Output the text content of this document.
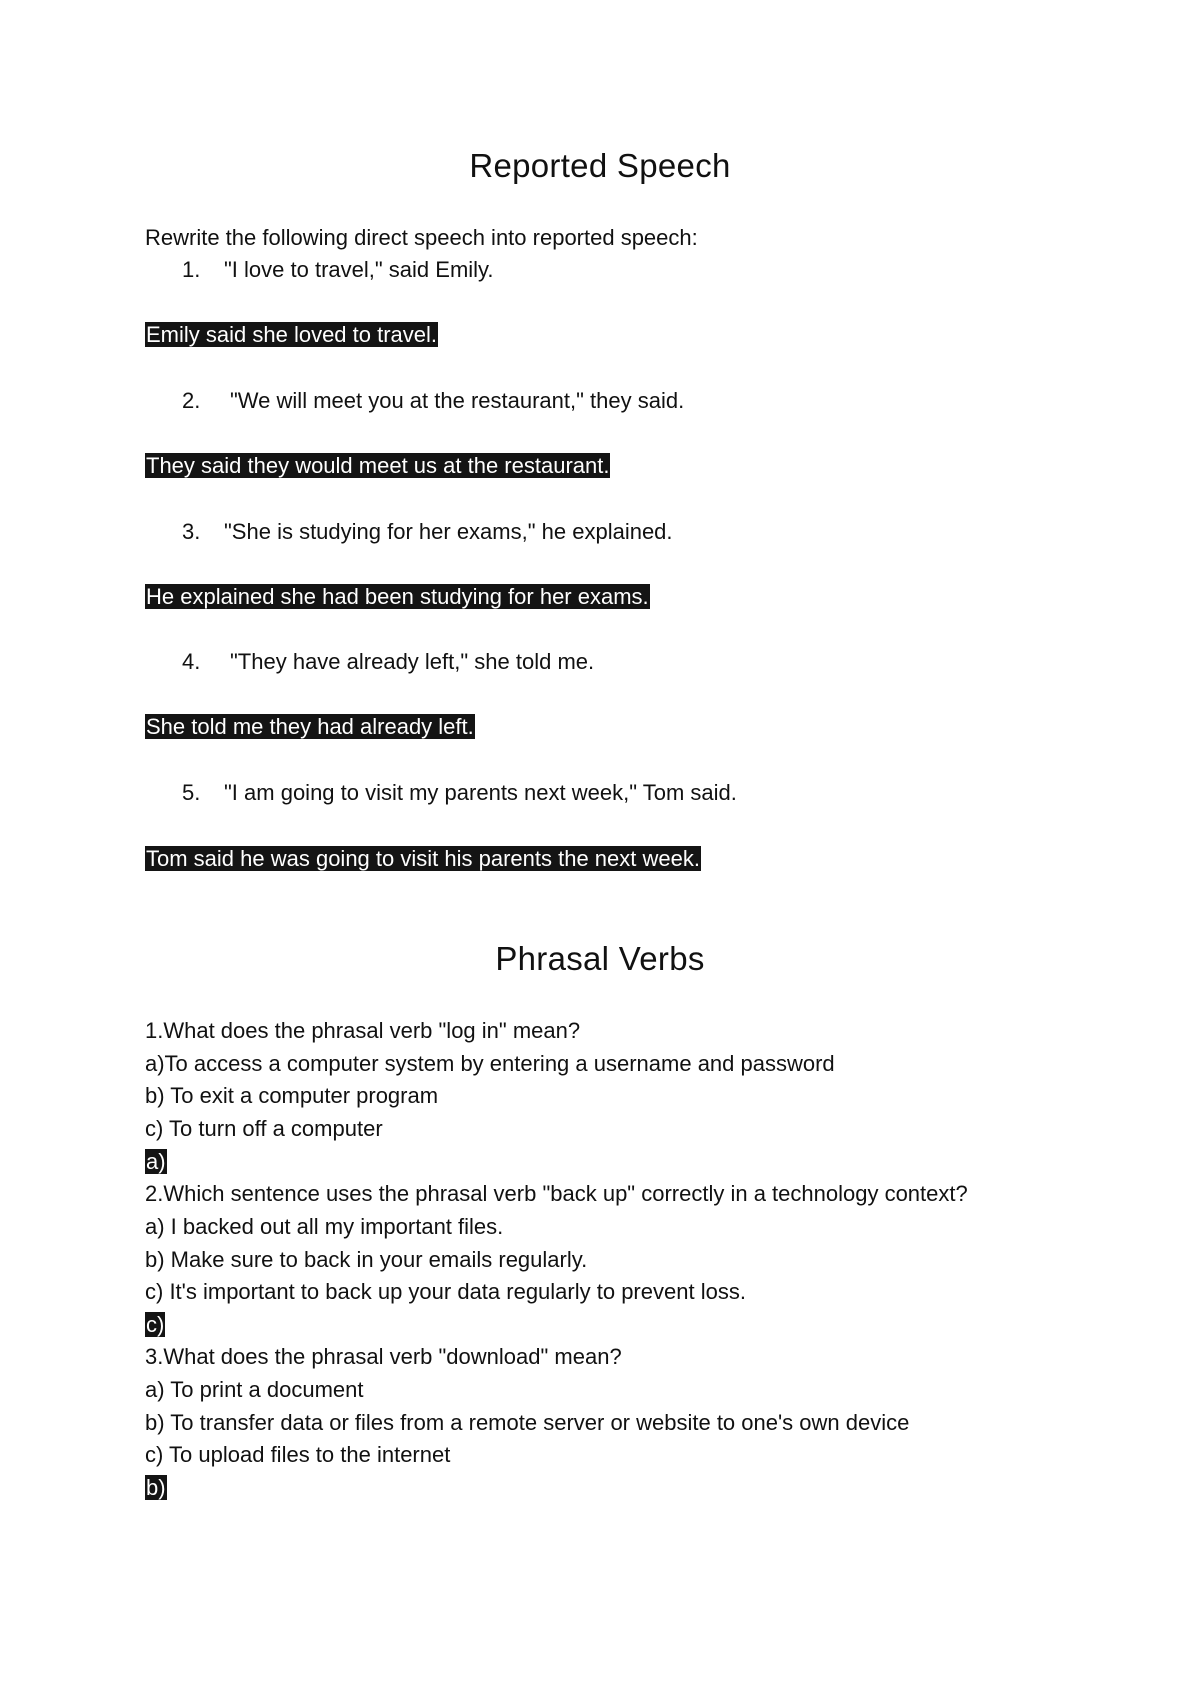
Reported Speech

Rewrite the following direct speech into reported speech:

1. "I love to travel," said Emily.

Emily said she loved to travel.

2. "We will meet you at the restaurant," they said.

They said they would meet us at the restaurant.

3. "She is studying for her exams," he explained.

He explained she had been studying for her exams.

4. "They have already left," she told me.

She told me they had already left.

5. "I am going to visit my parents next week," Tom said.

Tom said he was going to visit his parents the next week.

Phrasal Verbs

1.What does the phrasal verb "log in" mean?

a)To access a computer system by entering a username and password

b) To exit a computer program

c) To turn off a computer

a)

2.Which sentence uses the phrasal verb "back up" correctly in a technology context?

a) I backed out all my important files.

b) Make sure to back in your emails regularly.

c) It's important to back up your data regularly to prevent loss.

c)

3.What does the phrasal verb "download" mean?

a) To print a document

b) To transfer data or files from a remote server or website to one's own device

c) To upload files to the internet

b)
